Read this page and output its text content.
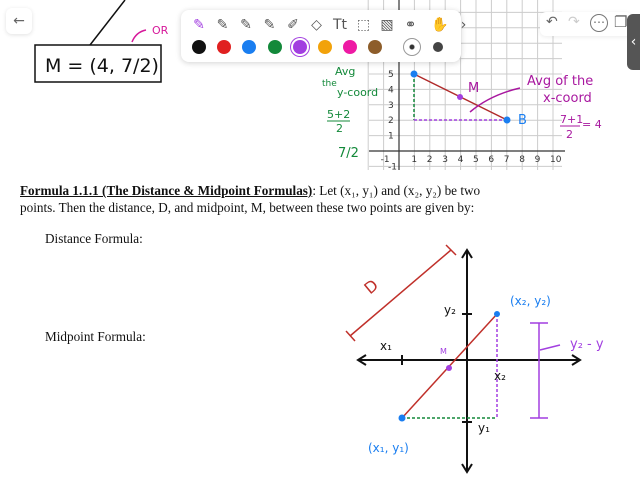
-1 1 2 3 4 5 6 7 8 9 10
5
4
3
2
1
-1
M = (4, 7/2)
OR
Avg
the
y-coord
5+2
2
7/2
M	Avg of the
x-coord
7+1
2
= 4
B
D
x₁
y₂
x₂
y₁
M
(x₂, y₂)
(x₁, y₁)
y₂ - y
Formula 1.1.1 (The Distance & Midpoint Formulas): Let (x₁, y₁) and (x₂, y₂) be two
points. Then the distance, D, and midpoint, M, between these two points are given by:
Distance Formula:
Midpoint Formula:
←	✎ ✎ ✎ ✎ ✐ ◇ Tt ⬚ ▧ ⚭ ✋ ›	↶ ↷ ⋯ ❐
‹
